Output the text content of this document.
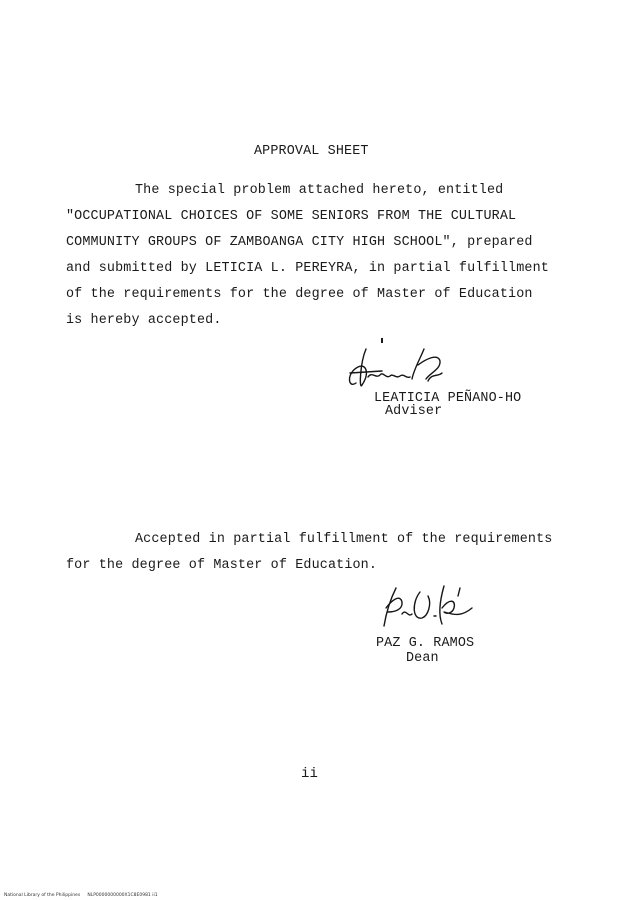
APPROVAL SHEET
The special problem attached hereto, entitled
"OCCUPATIONAL CHOICES OF SOME SENIORS FROM THE CULTURAL
COMMUNITY GROUPS OF ZAMBOANGA CITY HIGH SCHOOL", prepared
and submitted by LETICIA L. PEREYRA, in partial fulfillment
of the requirements for the degree of Master of Education
is hereby accepted.
LEATICIA PEÑANO-HO
Adviser
Accepted in partial fulfillment of the requirements
for the degree of Master of Education.
PAZ G. RAMOS
Dean
ii
National Library of the Philippines     NLP0000000000X1C8E0981 ii1
